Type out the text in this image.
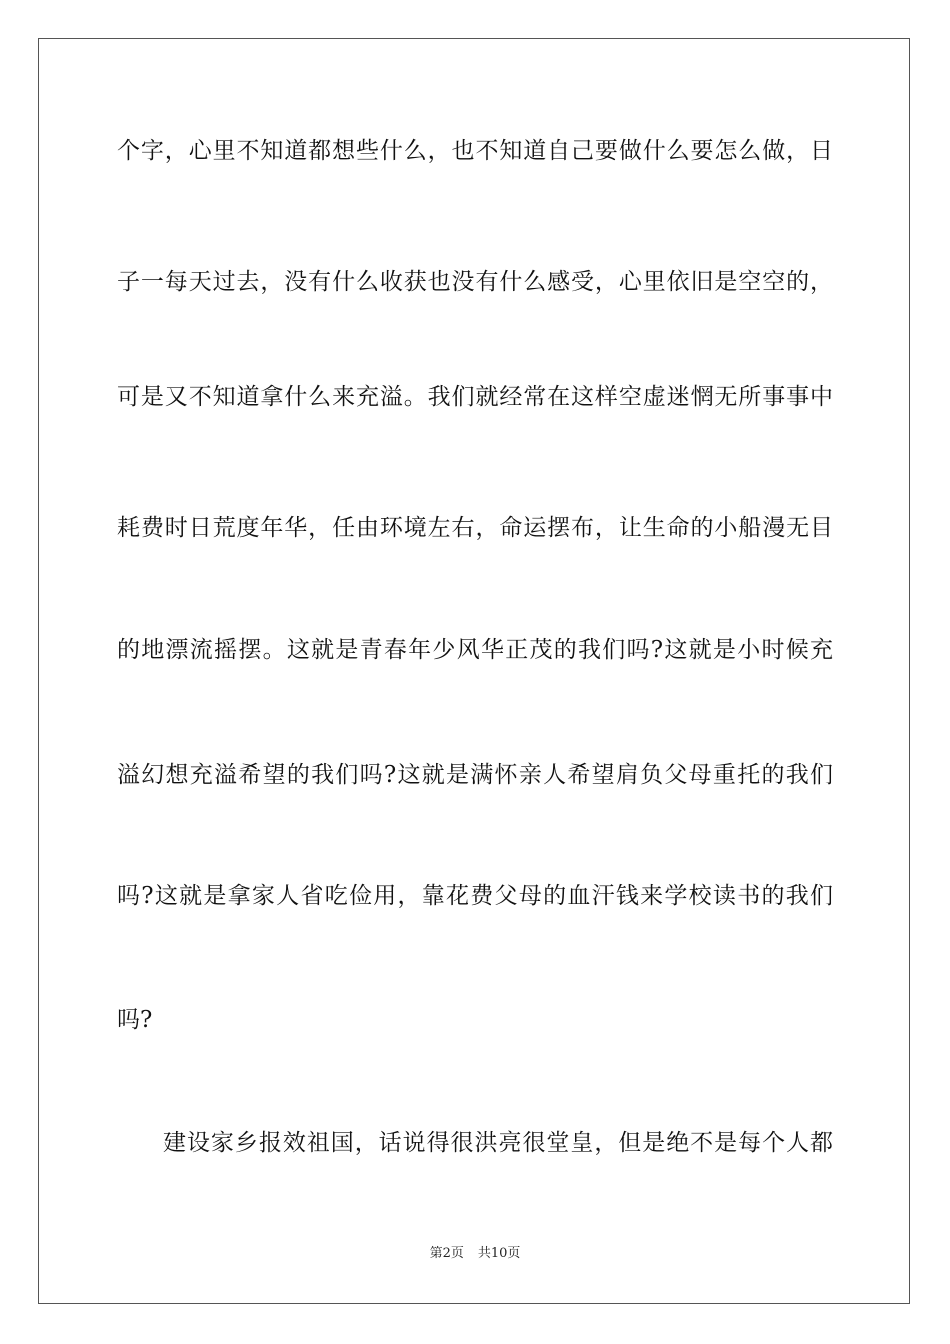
个字，心里不知道都想些什么，也不知道自己要做什么要怎么做，日
子一每天过去，没有什么收获也没有什么感受，心里依旧是空空的，
可是又不知道拿什么来充溢。我们就经常在这样空虚迷惘无所事事中
耗费时日荒度年华，任由环境左右，命运摆布，让生命的小船漫无目
的地漂流摇摆。这就是青春年少风华正茂的我们吗?这就是小时候充
溢幻想充溢希望的我们吗?这就是满怀亲人希望肩负父母重托的我们
吗?这就是拿家人省吃俭用，靠花费父母的血汗钱来学校读书的我们
吗?
建设家乡报效祖国，话说得很洪亮很堂皇，但是绝不是每个人都
第2页 共10页
